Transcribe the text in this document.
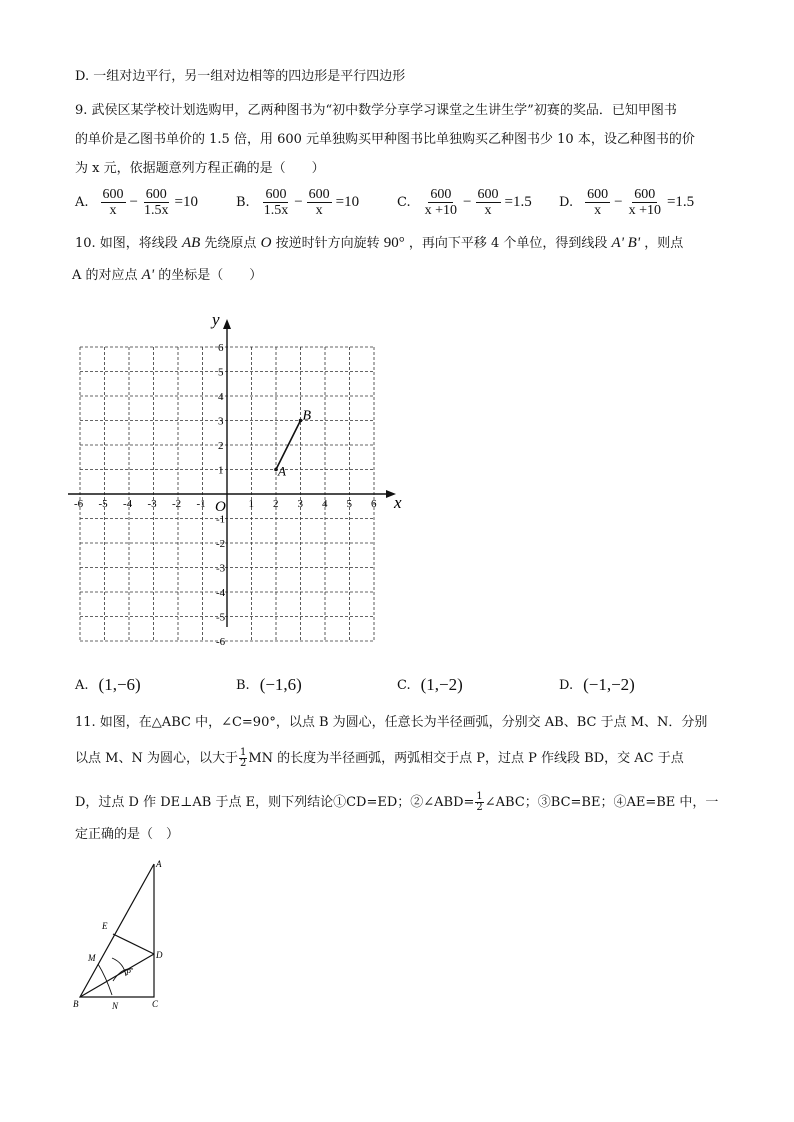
D. 一组对边平行，另一组对边相等的四边形是平行四边形
9. 武侯区某学校计划选购甲，乙两种图书为“初中数学分享学习课堂之生讲生学”初赛的奖品．已知甲图书
的单价是乙图书单价的 1.5 倍，用 600 元单独购买甲种图书比单独购买乙种图书少 10 本，设乙种图书的价
为 x 元，依据题意列方程正确的是（　　）
A. $\frac{600}{x} - \frac{600}{1.5x} =10$	B. $\frac{600}{1.5x} - \frac{600}{x} =10$	C. $\frac{600}{x +10} - \frac{600}{x} =1.5$ D. $\frac{600}{x} - \frac{600}{x +10} =1.5$
10. 如图，将线段 AB 先绕原点 O 按逆时针方向旋转 90° ，再向下平移 4 个单位，得到线段 A' B' ，则点
A 的对应点 A' 的坐标是（　　）
x
y
O
-6 -5 -4 -3 -2 -1	1 2 3 4 5 6
1
2
3
4
5
6
-1
-2
-3
-4
-5
-6
A
B
A. (1,−6)	B. (−1,6)	C. (1,−2)	D. (−1,−2)
11. 如图，在△ABC 中，∠C=90°，以点 B 为圆心，任意长为半径画弧，分别交 AB、BC 于点 M、N．分别
以点 M、N 为圆心，以大于 $\frac{1}{2}$ MN 的长度为半径画弧，两弧相交于点 P，过点 P 作线段 BD，交 AC 于点
D，过点 D 作 DE⊥AB 于点 E，则下列结论①CD=ED；②∠ABD= $\frac{1}{2}$ ∠ABC；③BC=BE；④AE=BE 中，一
定正确的是（　）
A
E
M	D
P
B	N	C
